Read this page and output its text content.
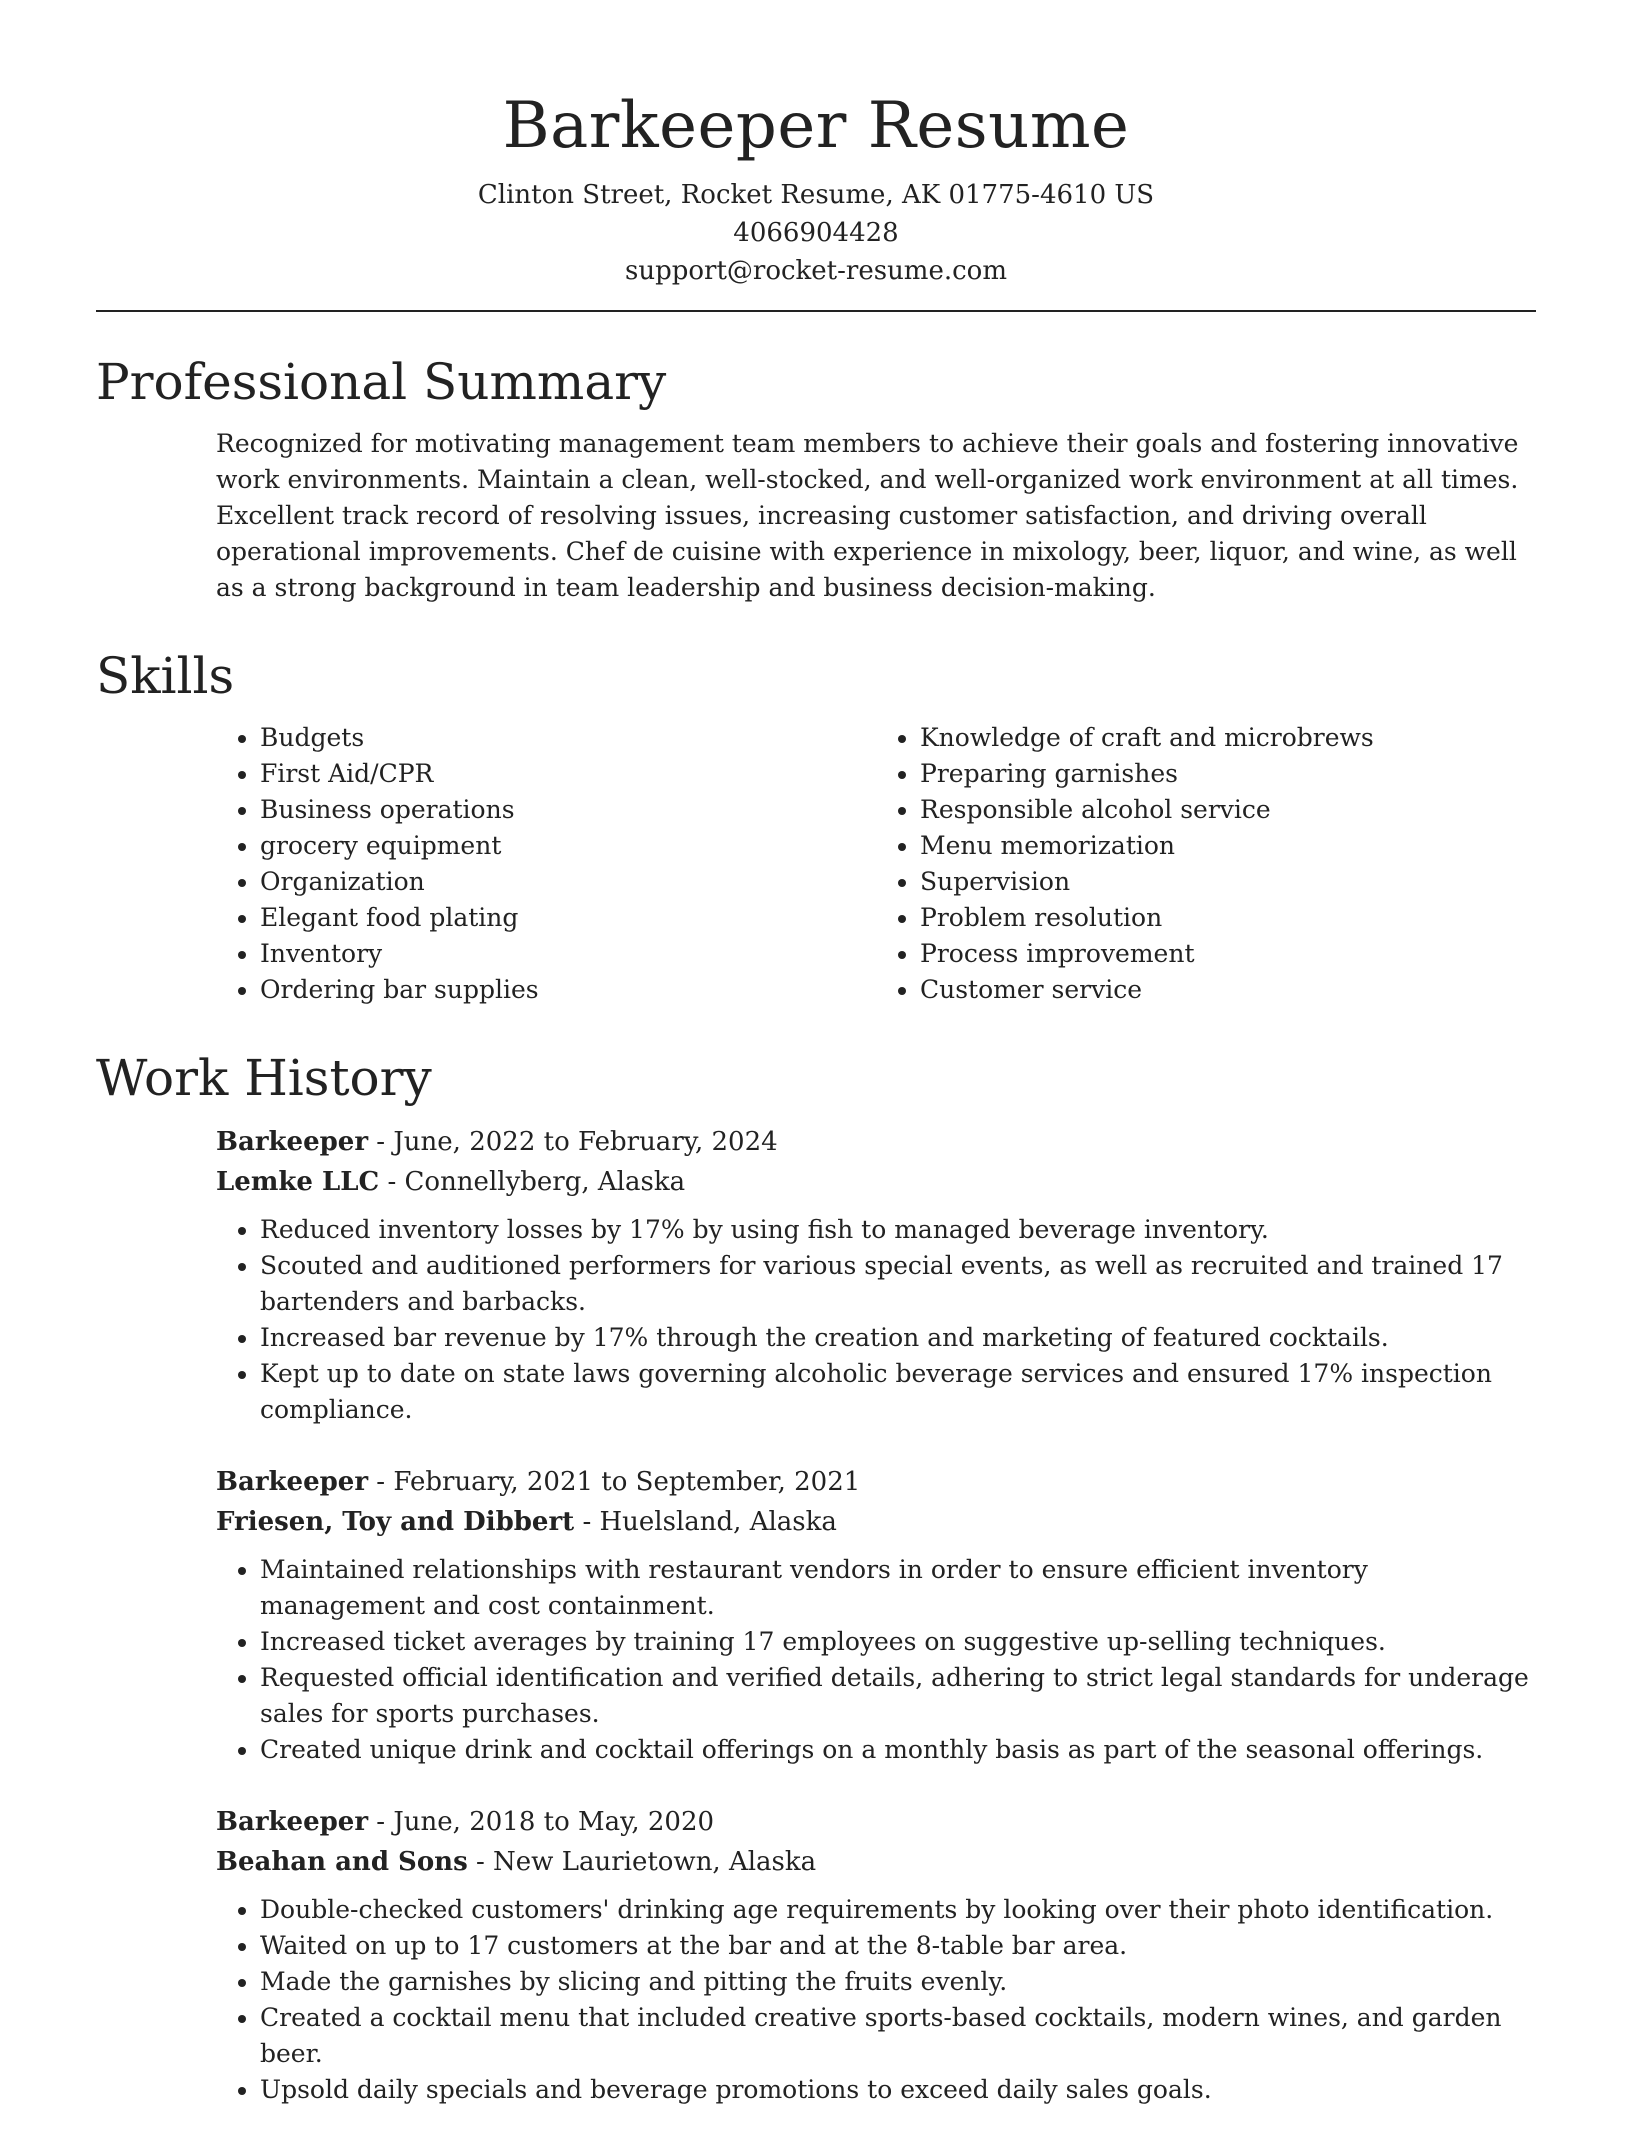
Barkeeper Resume

Clinton Street, Rocket Resume, AK 01775-4610 US

4066904428

support@rocket-resume.com

Professional Summary

Recognized for motivating management team members to achieve their goals and fostering innovative work environments. Maintain a clean, well-stocked, and well-organized work environment at all times. Excellent track record of resolving issues, increasing customer satisfaction, and driving overall operational improvements. Chef de cuisine with experience in mixology, beer, liquor, and wine, as well as a strong background in team leadership and business decision-making.

Skills
• Budgets
• First Aid/CPR
• Business operations
• grocery equipment
• Organization
• Elegant food plating
• Inventory
• Ordering bar supplies
• Knowledge of craft and microbrews
• Preparing garnishes
• Responsible alcohol service
• Menu memorization
• Supervision
• Problem resolution
• Process improvement
• Customer service
Work History

Barkeeper - June, 2022 to February, 2024

Lemke LLC - Connellyberg, Alaska

• Reduced inventory losses by 17% by using fish to managed beverage inventory.
• Scouted and auditioned performers for various special events, as well as recruited and trained 17 bartenders and barbacks.
• Increased bar revenue by 17% through the creation and marketing of featured cocktails.
• Kept up to date on state laws governing alcoholic beverage services and ensured 17% inspection compliance.

Barkeeper - February, 2021 to September, 2021

Friesen, Toy and Dibbert - Huelsland, Alaska

• Maintained relationships with restaurant vendors in order to ensure efficient inventory management and cost containment.
• Increased ticket averages by training 17 employees on suggestive up-selling techniques.
• Requested official identification and verified details, adhering to strict legal standards for underage sales for sports purchases.
• Created unique drink and cocktail offerings on a monthly basis as part of the seasonal offerings.

Barkeeper - June, 2018 to May, 2020

Beahan and Sons - New Laurietown, Alaska

• Double-checked customers' drinking age requirements by looking over their photo identification.
• Waited on up to 17 customers at the bar and at the 8-table bar area.
• Made the garnishes by slicing and pitting the fruits evenly.
• Created a cocktail menu that included creative sports-based cocktails, modern wines, and garden beer.
• Upsold daily specials and beverage promotions to exceed daily sales goals.
